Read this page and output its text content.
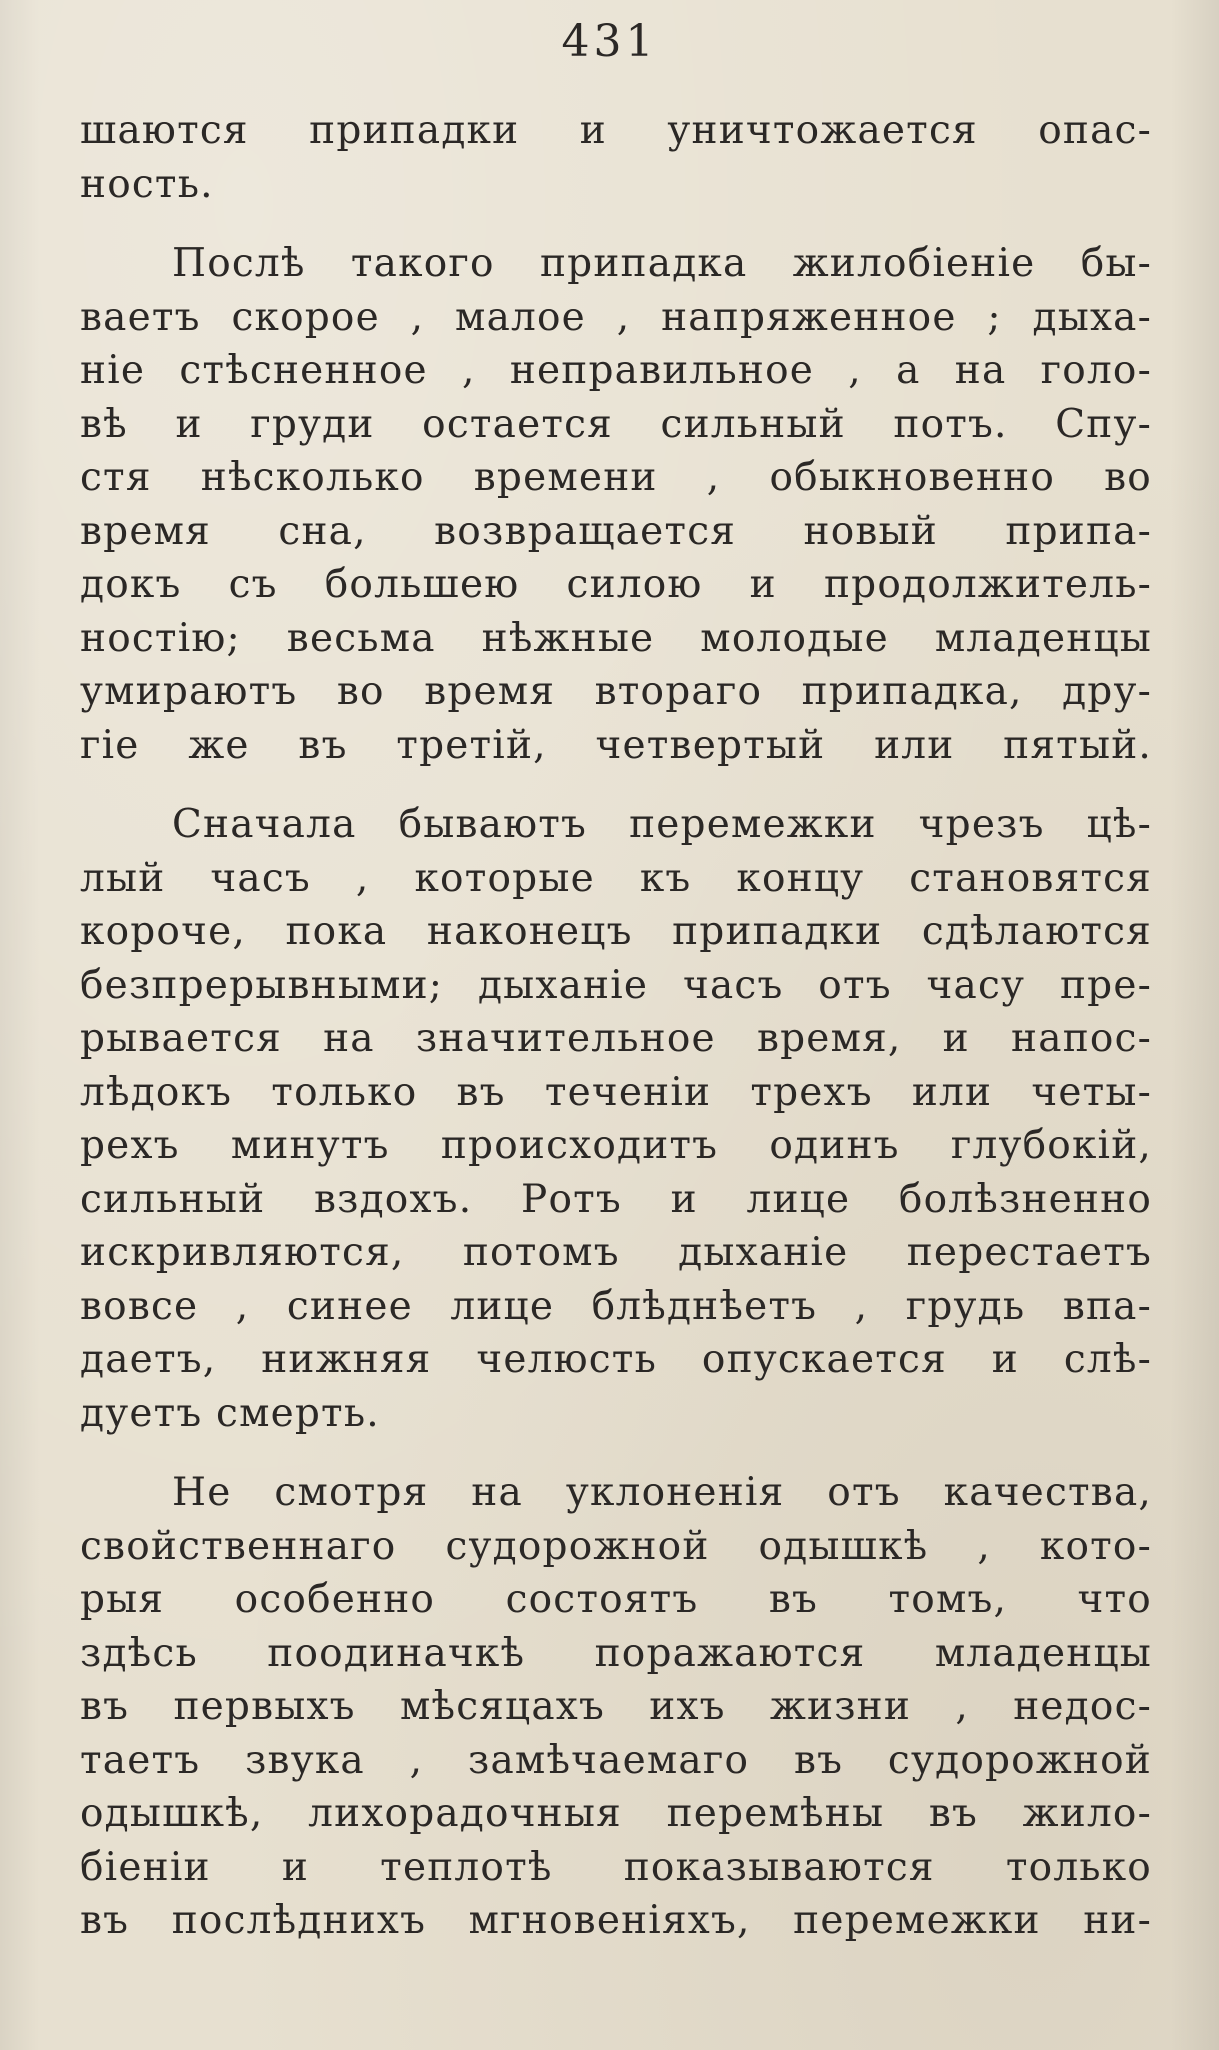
431
шаются припадки и уничтожается опас-
ность.
Послѣ такого припадка жилобіеніе бы-
ваетъ скорое , малое , напряженное ; дыха-
ніе стѣсненное , неправильное , а на голо-
вѣ и груди остается сильный потъ. Спу-
стя нѣсколько времени , обыкновенно во
время сна, возвращается новый припа-
докъ съ большею силою и продолжитель-
ностію; весьма нѣжные молодые младенцы
умираютъ во время втораго припадка, дру-
гіе же въ третій, четвертый или пятый.
Сначала бываютъ перемежки чрезъ цѣ-
лый часъ , которые къ концу становятся
короче, пока наконецъ припадки сдѣлаются
безпрерывными; дыханіе часъ отъ часу пре-
рывается на значительное время, и напос-
лѣдокъ только въ теченіи трехъ или четы-
рехъ минутъ происходитъ одинъ глубокій,
сильный вздохъ. Ротъ и лице болѣзненно
искривляются, потомъ дыханіе перестаетъ
вовсе , синее лице блѣднѣетъ , грудь впа-
даетъ, нижняя челюсть опускается и слѣ-
дуетъ смерть.
Не смотря на уклоненія отъ качества,
свойственнаго судорожной одышкѣ , кото-
рыя особенно состоятъ въ томъ, что
здѣсь поодиначкѣ поражаются младенцы
въ первыхъ мѣсяцахъ ихъ жизни , недос-
таетъ звука , замѣчаемаго въ судорожной
одышкѣ, лихорадочныя перемѣны въ жило-
біеніи и теплотѣ показываются только
въ послѣднихъ мгновеніяхъ, перемежки ни-
